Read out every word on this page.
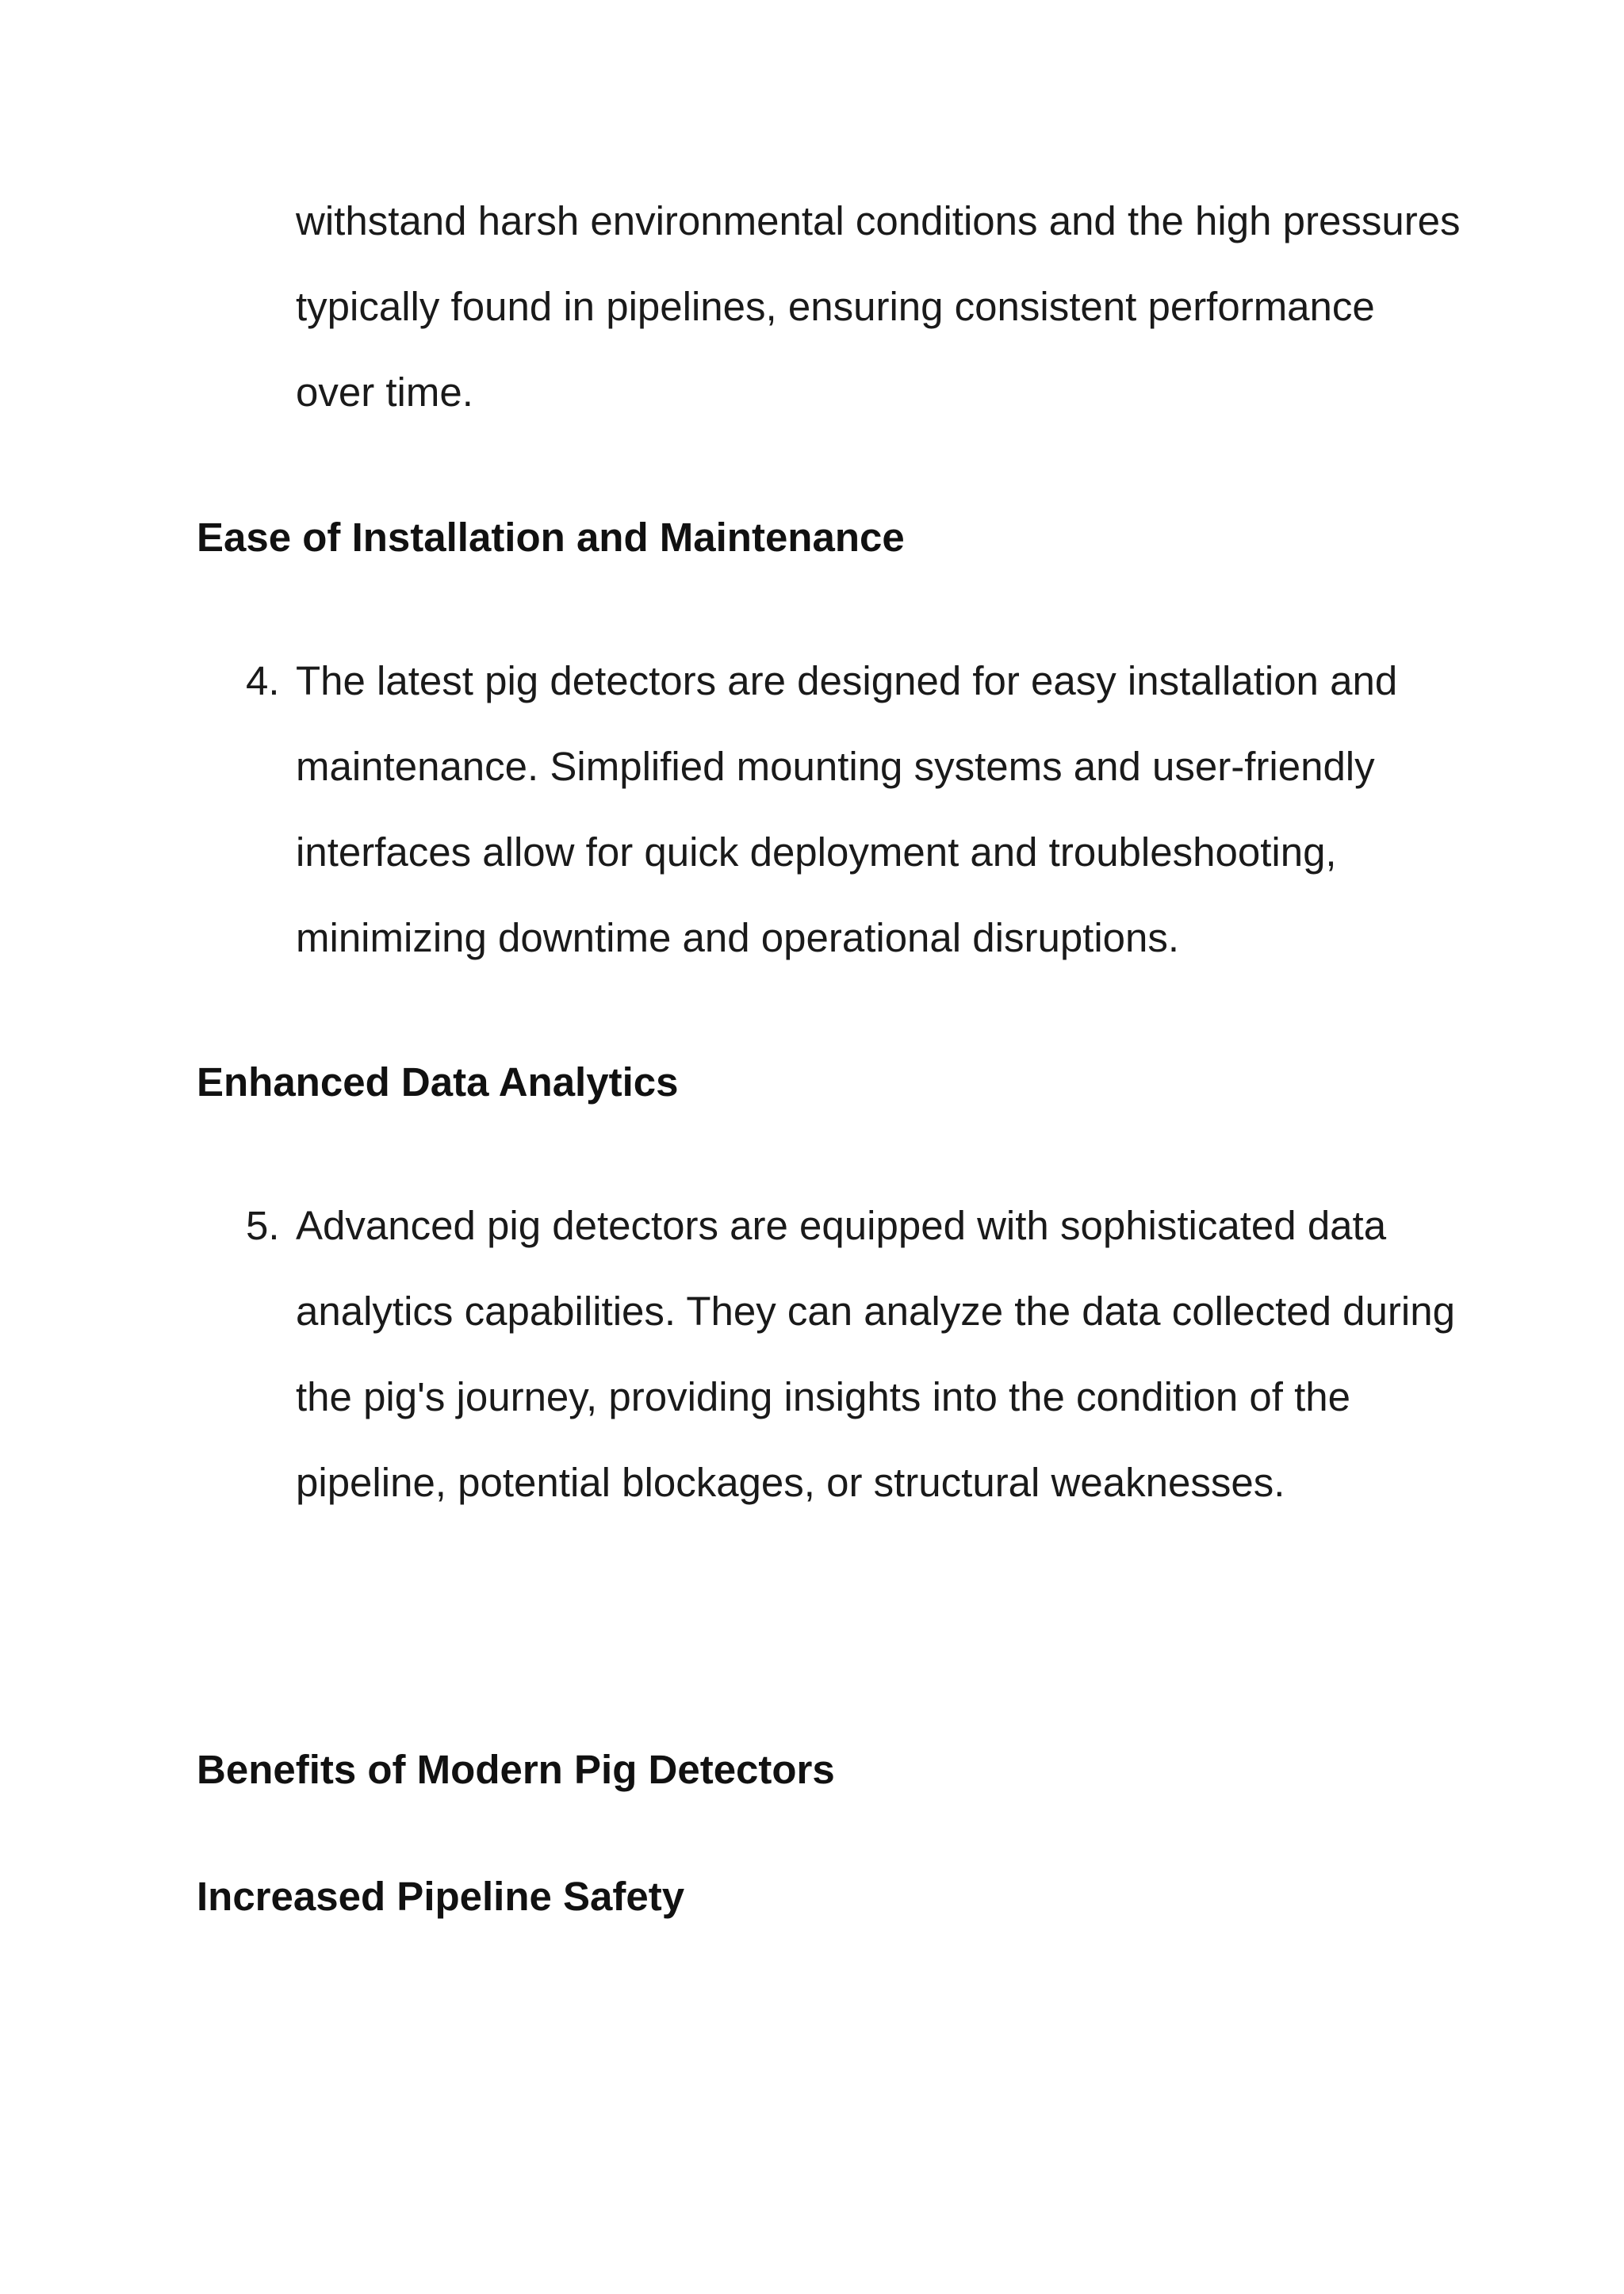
withstand harsh environmental conditions and the high pressures typically found in pipelines, ensuring consistent performance over time.

Ease of Installation and Maintenance
4. The latest pig detectors are designed for easy installation and maintenance. Simplified mounting systems and user-friendly interfaces allow for quick deployment and troubleshooting, minimizing downtime and operational disruptions.
Enhanced Data Analytics
5. Advanced pig detectors are equipped with sophisticated data analytics capabilities. They can analyze the data collected during the pig's journey, providing insights into the condition of the pipeline, potential blockages, or structural weaknesses.
Benefits of Modern Pig Detectors
Increased Pipeline Safety
